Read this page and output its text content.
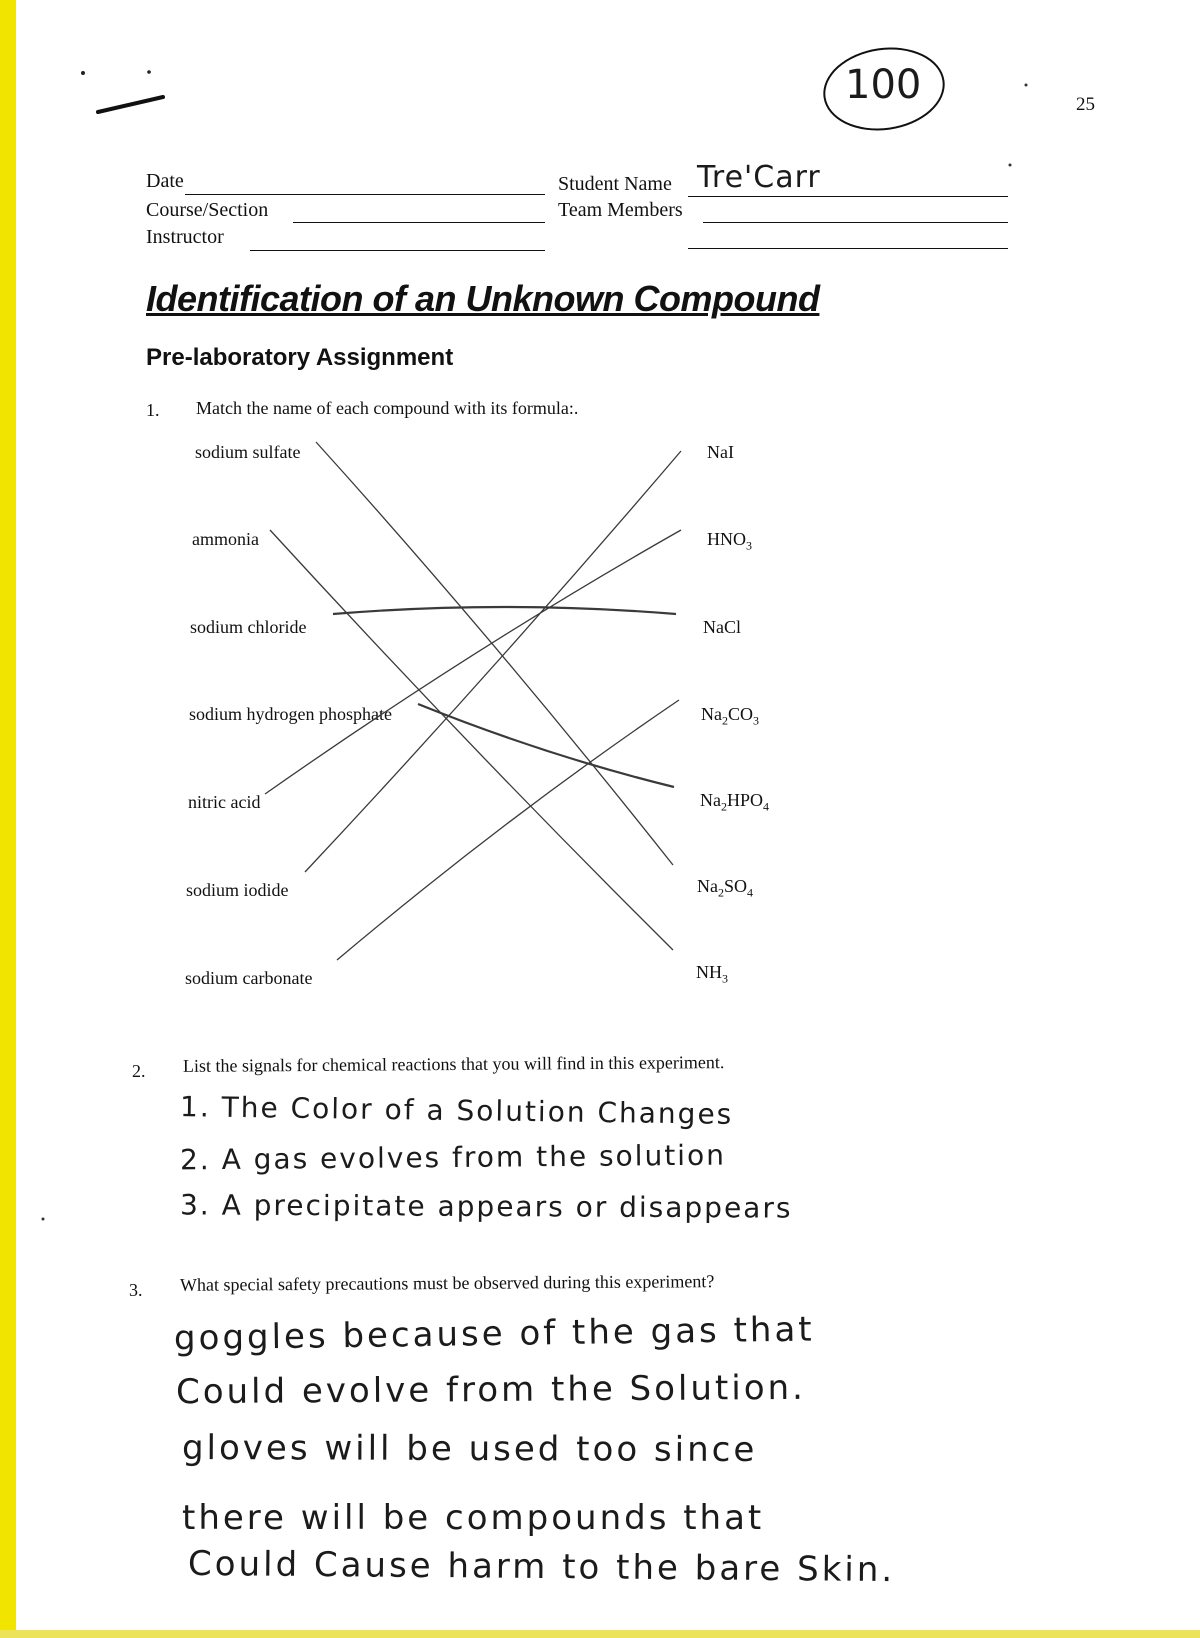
25
100
Date
Course/Section
Instructor
Student Name Tre'Carr
Team Members
Identification of an Unknown Compound
Pre-laboratory Assignment
1. Match the name of each compound with its formula:.
sodium sulfate
ammonia
sodium chloride
sodium hydrogen phosphate
nitric acid
sodium iodide
sodium carbonate
NaI
$HNO_3$
NaCl
$Na_2CO_3$
$Na_2HPO_4$
$Na_2SO_4$
$NH_3$
2. List the signals for chemical reactions that you will find in this experiment.
1. The Color of a Solution Changes
2. A gas evolves from the solution
3. A precipitate appears or disappears
3. What special safety precautions must be observed during this experiment?
goggles because of the gas that
Could evolve from the Solution.
gloves will be used too since
there will be compounds that
Could Cause harm to the bare Skin.
